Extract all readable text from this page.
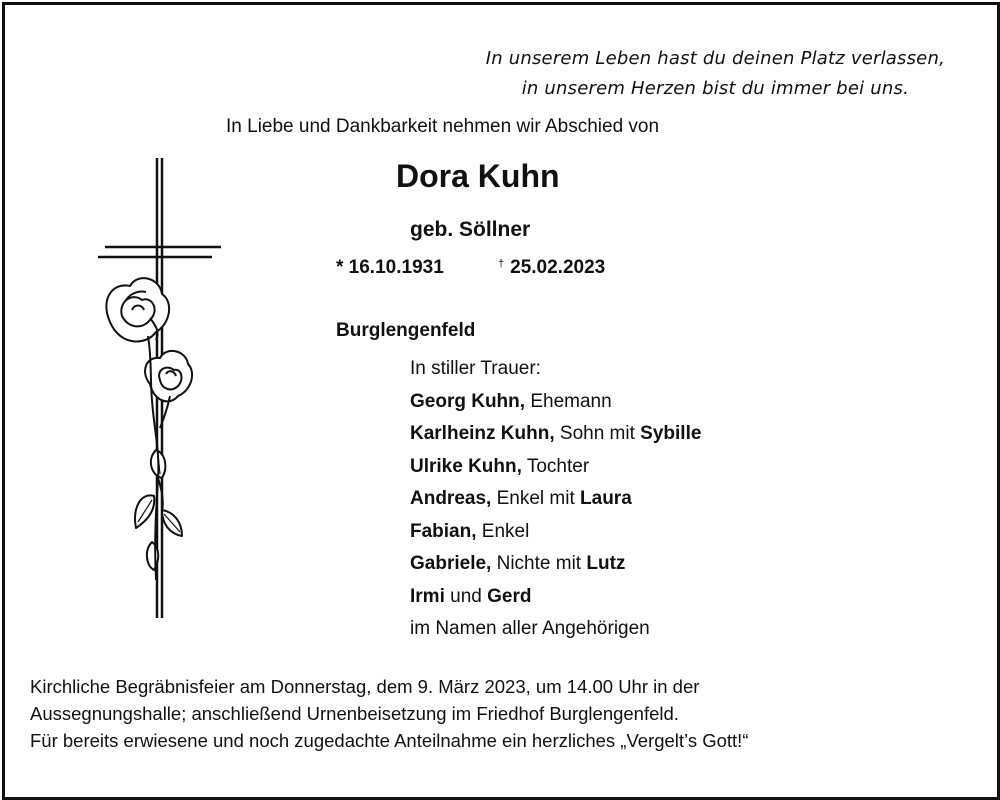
In unserem Leben hast du deinen Platz verlassen,
in unserem Herzen bist du immer bei uns.
In Liebe und Dankbarkeit nehmen wir Abschied von
Dora Kuhn
geb. Söllner
* 16.10.1931	† 25.02.2023
Burglengenfeld
In stiller Trauer:
Georg Kuhn, Ehemann
Karlheinz Kuhn, Sohn mit Sybille
Ulrike Kuhn, Tochter
Andreas, Enkel mit Laura
Fabian, Enkel
Gabriele, Nichte mit Lutz
Irmi und Gerd
im Namen aller Angehörigen
Kirchliche Begräbnisfeier am Donnerstag, dem 9. März 2023, um 14.00 Uhr in der
Aussegnungshalle; anschließend Urnenbeisetzung im Friedhof Burglengenfeld.
Für bereits erwiesene und noch zugedachte Anteilnahme ein herzliches „Vergelt’s Gott!“
